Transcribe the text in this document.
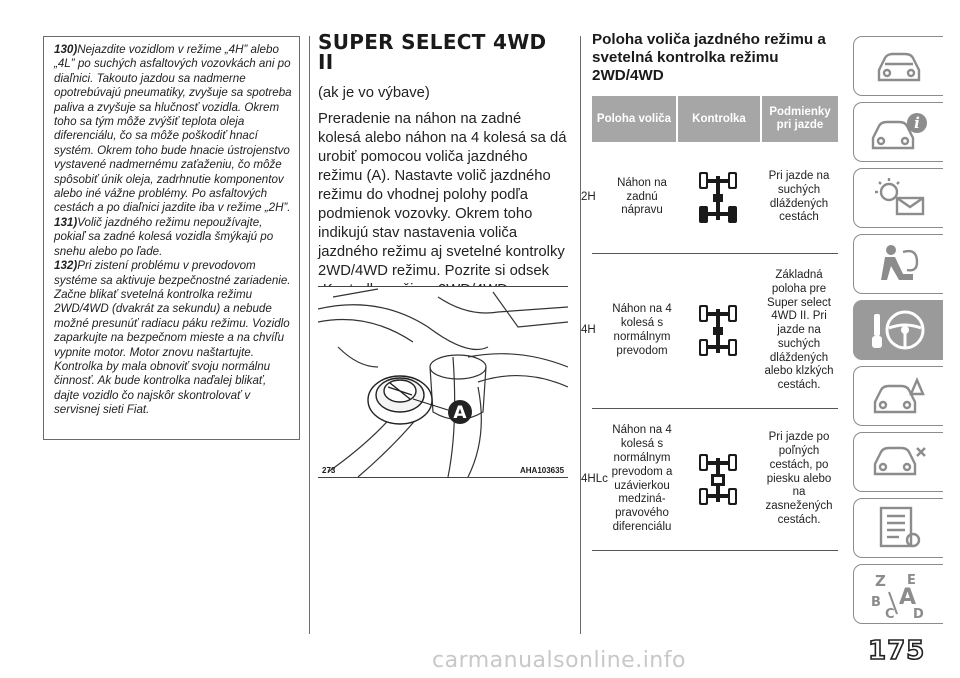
130)Nejazdite vozidlom v režime „4H” alebo „4L” po suchých asfaltových vozovkách ani po diaľnici. Takouto jazdou sa nadmerne opotrebúvajú pneumatiky, zvyšuje sa spotreba paliva a zvyšuje sa hlučnosť vozidla. Okrem toho sa tým môže zvýšiť teplota oleja diferenciálu, čo sa môže poškodiť hnací systém. Okrem toho bude hnacie ústrojenstvo vystavené nadmernému zaťaženiu, čo môže spôsobiť únik oleja, zadrhnutie komponentov alebo iné vážne problémy. Po asfaltových cestách a po diaľnici jazdite iba v režime „2H”.
131)Volič jazdného režimu nepoužívajte, pokiaľ sa zadné kolesá vozidla šmýkajú po snehu alebo po ľade.
132)Pri zistení problému v prevodovom systéme sa aktivuje bezpečnostné zariadenie. Začne blikať svetelná kontrolka režimu 2WD/4WD (dvakrát za sekundu) a nebude možné presunúť radiacu páku režimu. Vozidlo zaparkujte na bezpečnom mieste a na chvíľu vypnite motor. Motor znovu naštartujte. Kontrolka by mala obnoviť svoju normálnu činnosť. Ak bude kontrolka naďalej blikať, dajte vozidlo čo najskôr skontrolovať v servisnej sieti Fiat.
SUPER SELECT 4WD II
(ak je vo výbave)
Preradenie na náhon na zadné kolesá alebo náhon na 4 kolesá sa dá urobiť pomocou voliča jazdného režimu (A). Nastavte volič jazdného režimu do vhodnej polohy podľa podmienok vozovky. Okrem toho indikujú stav nastavenia voliča jazdného režimu aj svetelné kontrolky 2WD/4WD režimu. Pozrite si odsek
A
273	AHA103635
Poloha voliča jazdného režimu a svetelná kontrolka režimu 2WD/4WD
Poloha voliča	Kontrolka
Podmienky pri jazde
2H
Náhon na zadnú nápravu
Pri jazde na suchých dláždených cestách
4H
Náhon na 4 kolesá s normálnym prevodom
Základná poloha pre Super select 4WD II. Pri jazde na suchých dláždených alebo klzkých cestách.
4HLc
Náhon na 4 kolesá s normálnym prevodom a uzávierkou medziná-pravového diferenciálu
Pri jazde po poľných cestách, po piesku alebo na zasnežených cestách.
i
Z E
B A
C D
175
carmanualsonline.info
